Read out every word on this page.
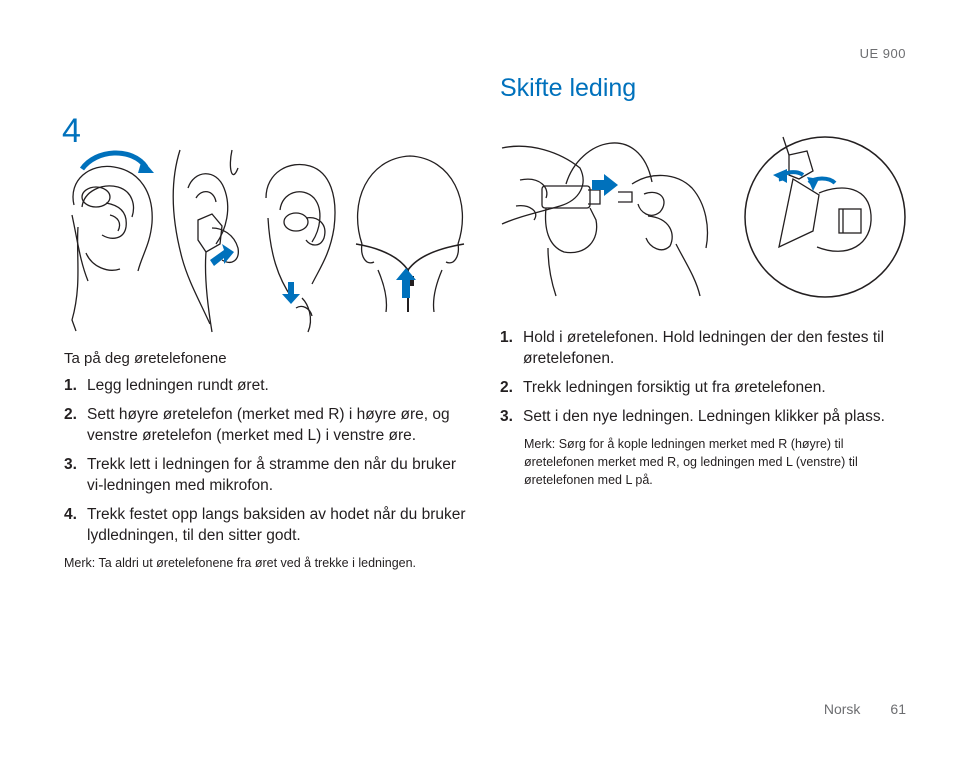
UE 900
Skifte leding
4

Ta på deg øretelefonene

1. Legg ledningen rundt øret.
2. Sett høyre øretelefon (merket med R) i høyre øre, og venstre øretelefon (merket med L) i venstre øre.
3. Trekk lett i ledningen for å stramme den når du bruker vi-ledningen med mikrofon.
4. Trekk festet opp langs baksiden av hodet når du bruker lydledningen, til den sitter godt.

Merk: Ta aldri ut øretelefonene fra øret ved å trekke i ledningen.

1. Hold i øretelefonen. Hold ledningen der den festes til øretelefonen.
2. Trekk ledningen forsiktig ut fra øretelefonen.
3. Sett i den nye ledningen. Ledningen klikker på plass.

Merk: Sørg for å kople ledningen merket med R (høyre) til øretelefonen merket med R, og ledningen med L (venstre) til øretelefonen med L på.

Norsk 61
